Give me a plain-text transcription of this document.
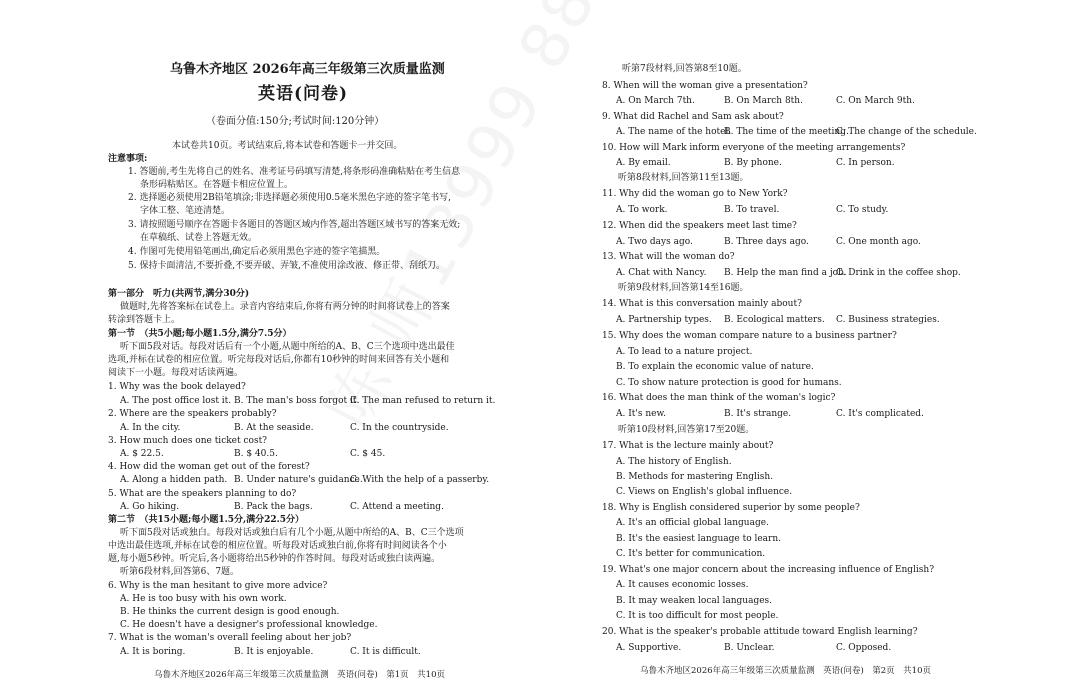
乌鲁木齐地区 2026年高三年级第三次质量监测
英语(问卷)
（卷面分值:150分;考试时间:120分钟）
本试卷共10页。考试结束后,将本试卷和答题卡一并交回。
注意事项:
1. 答题前,考生先将自己的姓名、准考证号码填写清楚,将条形码准确粘贴在考生信息
条形码粘贴区。在答题卡相应位置上。
2. 选择题必须使用2B铅笔填涂;非选择题必须使用0.5毫米黑色字迹的签字笔书写,
字体工整、笔迹清楚。
3. 请按照题号顺序在答题卡各题目的答题区域内作答,超出答题区域书写的答案无效;
在草稿纸、试卷上答题无效。
4. 作图可先使用铅笔画出,确定后必须用黑色字迹的签字笔描黑。
5. 保持卡面清洁,不要折叠,不要弄破、弄皱,不准使用涂改液、修正带、刮纸刀。
第一部分　听力(共两节,满分30分)
做题时,先将答案标在试卷上。录音内容结束后,你将有两分钟的时间将试卷上的答案
转涂到答题卡上。
第一节　（共5小题;每小题1.5分,满分7.5分）
听下面5段对话。每段对话后有一个小题,从题中所给的A、B、C三个选项中选出最佳
选项,并标在试卷的相应位置。听完每段对话后,你都有10秒钟的时间来回答有关小题和
阅读下一小题。每段对话读两遍。
1. Why was the book delayed?
A. The post office lost it. B. The man's boss forgot it.
C. The man refused to return it.
2. Where are the speakers probably?
A. In the city.	B. At the seaside.	C. In the countryside.
3. How much does one ticket cost?
A. $ 22.5.	B. $ 40.5.	C. $ 45.
4. How did the woman get out of the forest?
A. Along a hidden path. B. Under nature's guidance.
C. With the help of a passerby.
5. What are the speakers planning to do?
A. Go hiking.	B. Pack the bags.	C. Attend a meeting.
第二节　（共15小题;每小题1.5分,满分22.5分）
听下面5段对话或独白。每段对话或独白后有几个小题,从题中所给的A、B、C三个选项
中选出最佳选项,并标在试卷的相应位置。听每段对话或独白前,你将有时间阅读各个小
题,每小题5秒钟。听完后,各小题将给出5秒钟的作答时间。每段对话或独白读两遍。
听第6段材料,回答第6、7题。
6. Why is the man hesitant to give more advice?
A. He is too busy with his own work.
B. He thinks the current design is good enough.
C. He doesn't have a designer's professional knowledge.
7. What is the woman's overall feeling about her job?
A. It is boring.	B. It is enjoyable.	C. It is difficult.
乌鲁木齐地区2026年高三年级第三次质量监测　英语(问卷)　第1页　共10页
听第7段材料,回答第8至10题。
8. When will the woman give a presentation?
A. On March 7th.	B. On March 8th.	C. On March 9th.
9. What did Rachel and Sam ask about?
A. The name of the hotel.
B. The time of the meeting.
C. The change of the schedule.
10. How will Mark inform everyone of the meeting arrangements?
A. By email.	B. By phone.	C. In person.
听第8段材料,回答第11至13题。
11. Why did the woman go to New York?
A. To work.	B. To travel.	C. To study.
12. When did the speakers meet last time?
A. Two days ago.	B. Three days ago.	C. One month ago.
13. What will the woman do?
A. Chat with Nancy. B. Help the man find a job.
C. Drink in the coffee shop.
听第9段材料,回答第14至16题。
14. What is this conversation mainly about?
A. Partnership types. B. Ecological matters. C. Business strategies.
15. Why does the woman compare nature to a business partner?
A. To lead to a nature project.
B. To explain the economic value of nature.
C. To show nature protection is good for humans.
16. What does the man think of the woman's logic?
A. It's new.	B. It's strange.	C. It's complicated.
听第10段材料,回答第17至20题。
17. What is the lecture mainly about?
A. The history of English.
B. Methods for mastering English.
C. Views on English's global influence.
18. Why is English considered superior by some people?
A. It's an official global language.
B. It's the easiest language to learn.
C. It's better for communication.
19. What's one major concern about the increasing influence of English?
A. It causes economic losses.
B. It may weaken local languages.
C. It is too difficult for most people.
20. What is the speaker's probable attitude toward English learning?
A. Supportive.	B. Unclear.	C. Opposed.
乌鲁木齐地区2026年高三年级第三次质量监测　英语(问卷)　第2页　共10页
